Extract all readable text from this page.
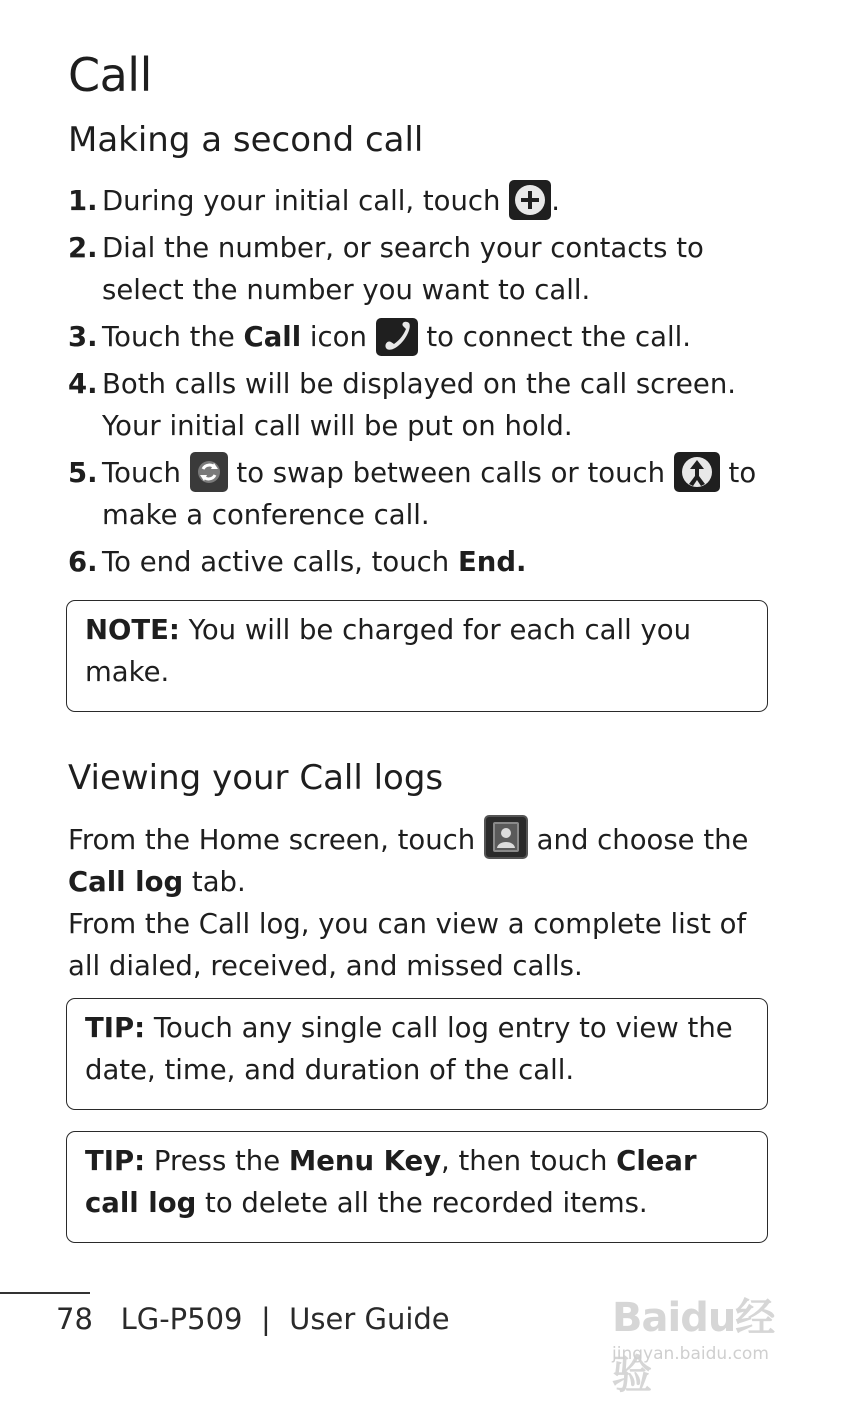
Call
Making a second call
1. During your initial call, touch
.
2. Dial the number, or search your contacts to select the number you want to call.
3. Touch the Call icon
to connect the call.
4. Both calls will be displayed on the call screen. Your initial call will be put on hold.
5. Touch
to swap between calls or touch
to make a conference call.
6. To end active calls, touch End.

NOTE: You will be charged for each call you make.

Viewing your Call logs

From the Home screen, touch
and choose the
Call log tab.

From the Call log, you can view a complete list of all dialed, received, and missed calls.

TIP: Touch any single call log entry to view the date, time, and duration of the call.

TIP: Press the Menu Key, then touch Clear call log to delete all the recorded items.

78 LG-P509 | User Guide	Baidu经验
jingyan.baidu.com
